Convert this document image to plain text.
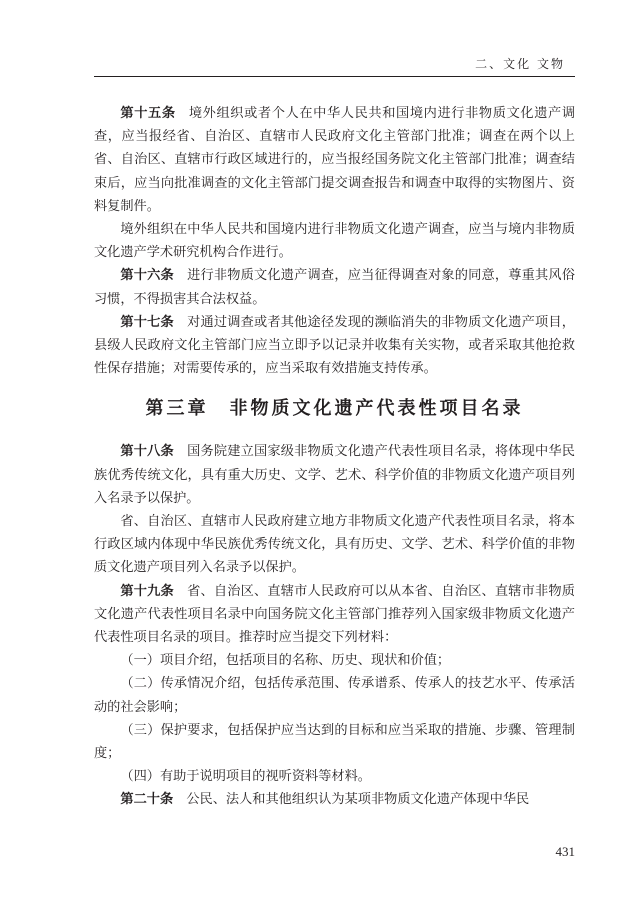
二、文化 文物

第十五条 境外组织或者个人在中华人民共和国境内进行非物质文化遗产调查，应当报经省、自治区、直辖市人民政府文化主管部门批准；调查在两个以上省、自治区、直辖市行政区域进行的，应当报经国务院文化主管部门批准；调查结束后，应当向批准调查的文化主管部门提交调查报告和调查中取得的实物图片、资料复制件。

境外组织在中华人民共和国境内进行非物质文化遗产调查，应当与境内非物质文化遗产学术研究机构合作进行。

第十六条 进行非物质文化遗产调查，应当征得调查对象的同意，尊重其风俗习惯，不得损害其合法权益。

第十七条 对通过调查或者其他途径发现的濒临消失的非物质文化遗产项目，县级人民政府文化主管部门应当立即予以记录并收集有关实物，或者采取其他抢救性保存措施；对需要传承的，应当采取有效措施支持传承。

第三章　非物质文化遗产代表性项目名录

第十八条 国务院建立国家级非物质文化遗产代表性项目名录，将体现中华民族优秀传统文化，具有重大历史、文学、艺术、科学价值的非物质文化遗产项目列入名录予以保护。

省、自治区、直辖市人民政府建立地方非物质文化遗产代表性项目名录，将本行政区域内体现中华民族优秀传统文化，具有历史、文学、艺术、科学价值的非物质文化遗产项目列入名录予以保护。

第十九条 省、自治区、直辖市人民政府可以从本省、自治区、直辖市非物质文化遗产代表性项目名录中向国务院文化主管部门推荐列入国家级非物质文化遗产代表性项目名录的项目。推荐时应当提交下列材料：

（一）项目介绍，包括项目的名称、历史、现状和价值；

（二）传承情况介绍，包括传承范围、传承谱系、传承人的技艺水平、传承活动的社会影响；

（三）保护要求，包括保护应当达到的目标和应当采取的措施、步骤、管理制度；

（四）有助于说明项目的视听资料等材料。

第二十条 公民、法人和其他组织认为某项非物质文化遗产体现中华民

431
